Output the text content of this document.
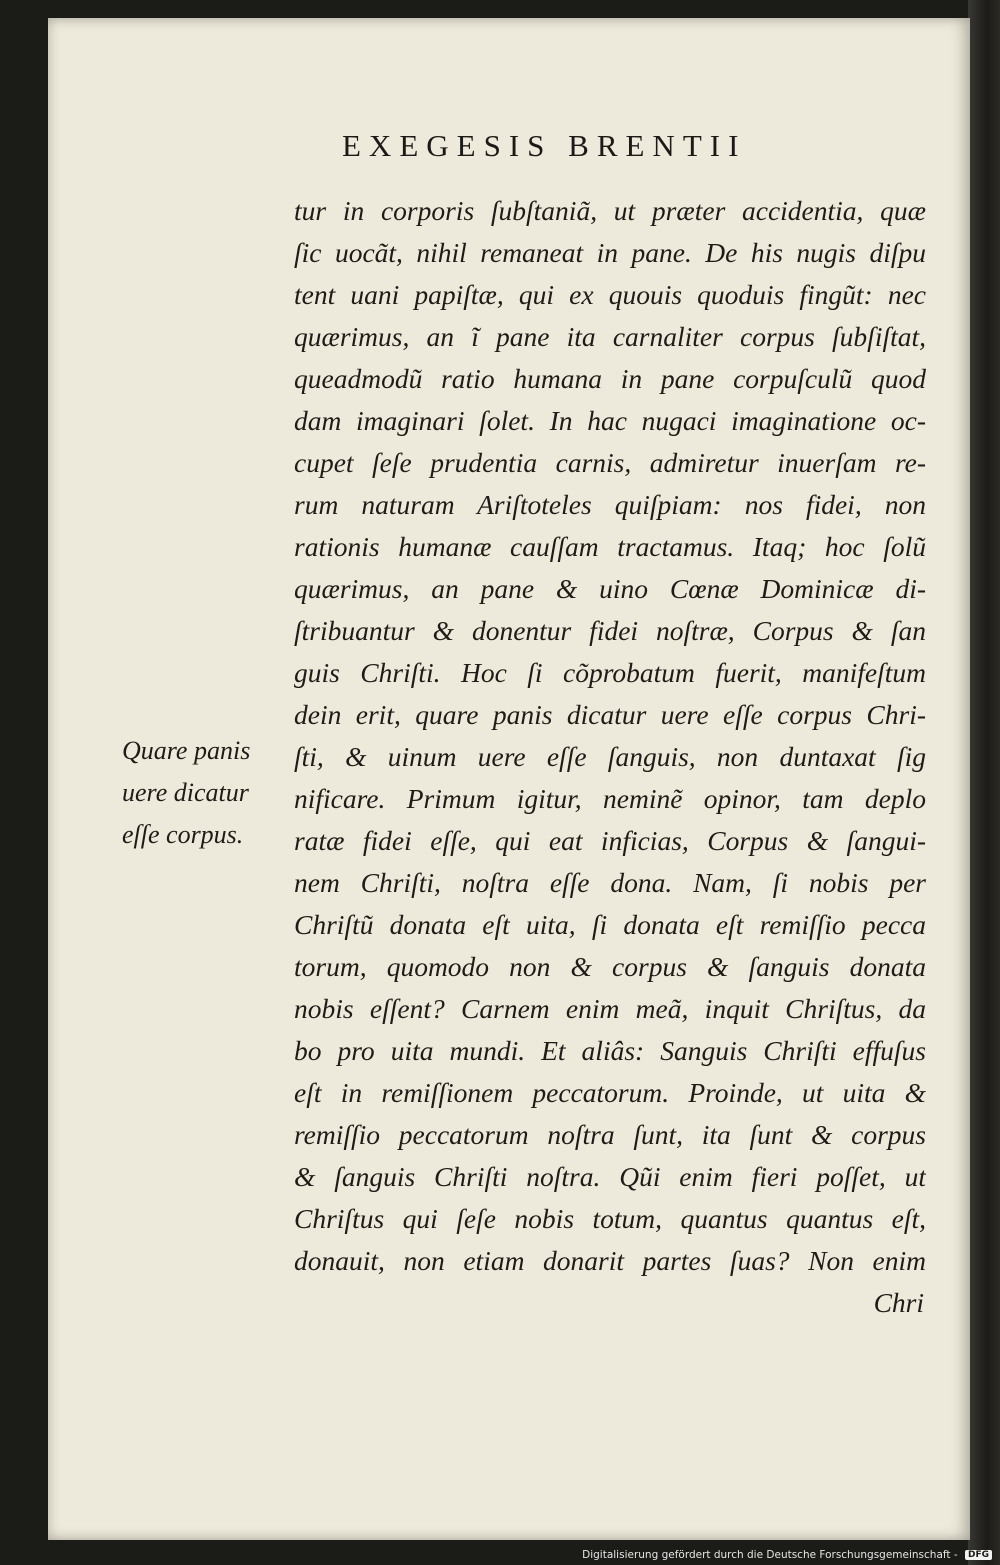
EXEGESIS BRENTII
tur in corporis ſubſtaniã, ut præter accidentia, quæ
ſic uocãt, nihil remaneat in pane. De his nugis diſpu
tent uani papiſtæ, qui ex quouis quoduis fingũt: nec
quærimus, an ĩ pane ita carnaliter corpus ſubſiſtat,
queadmodũ ratio humana in pane corpuſculũ quod
dam imaginari ſolet. In hac nugaci imaginatione oc-
cupet ſeſe prudentia carnis, admiretur inuerſam re-
rum naturam Ariſtoteles quiſpiam: nos fidei, non
rationis humanæ cauſſam tractamus. Itaq; hoc ſolũ
quærimus, an pane & uino Cœnæ Dominicæ di-
ſtribuantur & donentur fidei noſtræ, Corpus & ſan
guis Chriſti. Hoc ſi cõprobatum fuerit, manifeſtum
dein erit, quare panis dicatur uere eſſe corpus Chri-
ſti, & uinum uere eſſe ſanguis, non duntaxat ſig
nificare. Primum igitur, neminẽ opinor, tam deplo
ratæ fidei eſſe, qui eat inficias, Corpus & ſangui-
nem Chriſti, noſtra eſſe dona. Nam, ſi nobis per
Chriſtũ donata eſt uita, ſi donata eſt remiſſio pecca
torum, quomodo non & corpus & ſanguis donata
nobis eſſent? Carnem enim meã, inquit Chriſtus, da
bo pro uita mundi. Et aliâs: Sanguis Chriſti effuſus
eſt in remiſſionem peccatorum. Proinde, ut uita &
remiſſio peccatorum noſtra ſunt, ita ſunt & corpus
& ſanguis Chriſti noſtra. Qũi enim fieri poſſet, ut
Chriſtus qui ſeſe nobis totum, quantus quantus eſt,
donauit, non etiam donarit partes ſuas? Non enim
Chri
Quare panis
uere dicatur
eſſe corpus.
Digitalisierung gefördert durch die Deutsche Forschungsgemeinschaft - DFG
